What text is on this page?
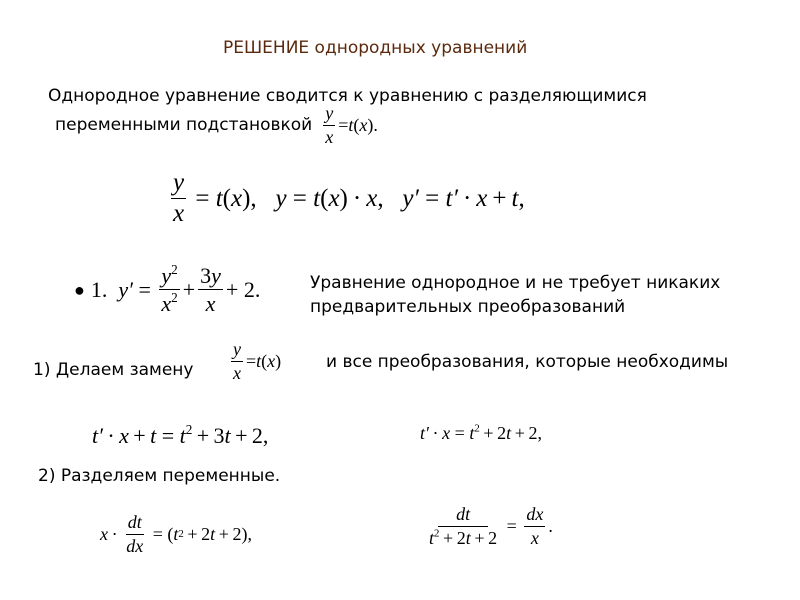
РЕШЕНИЕ однородных уравнений
Однородное уравнение сводится к уравнению с разделяющимися
переменными подстановкой $\frac{y}{x} = t$ ( x ).
$\frac{y}{x} = t$ ( x ), y = t ( x ) ·  x , y′ = t′  ·  x  +  t ,
● 1.
$y' = \frac{y^2}{x^2} + \frac{3y}{x} + 2$.	Уравнение однородное и не требует никаких
предварительных преобразований
1) Делаем замену $\frac{y}{x} = t$ ( x )	и все преобразования, которые необходимы
$t' \cdot x + t = t^2 + 3t + 2$,	$t' \cdot x = t^2 + 2t + 2$,
2) Разделяем переменные.
$x \cdot \frac{dt}{dx}$ = ( t 2  + 2 t  + 2),	$\frac{dt}{t^2 + 2t + 2} = \frac{dx}{x}$ .
